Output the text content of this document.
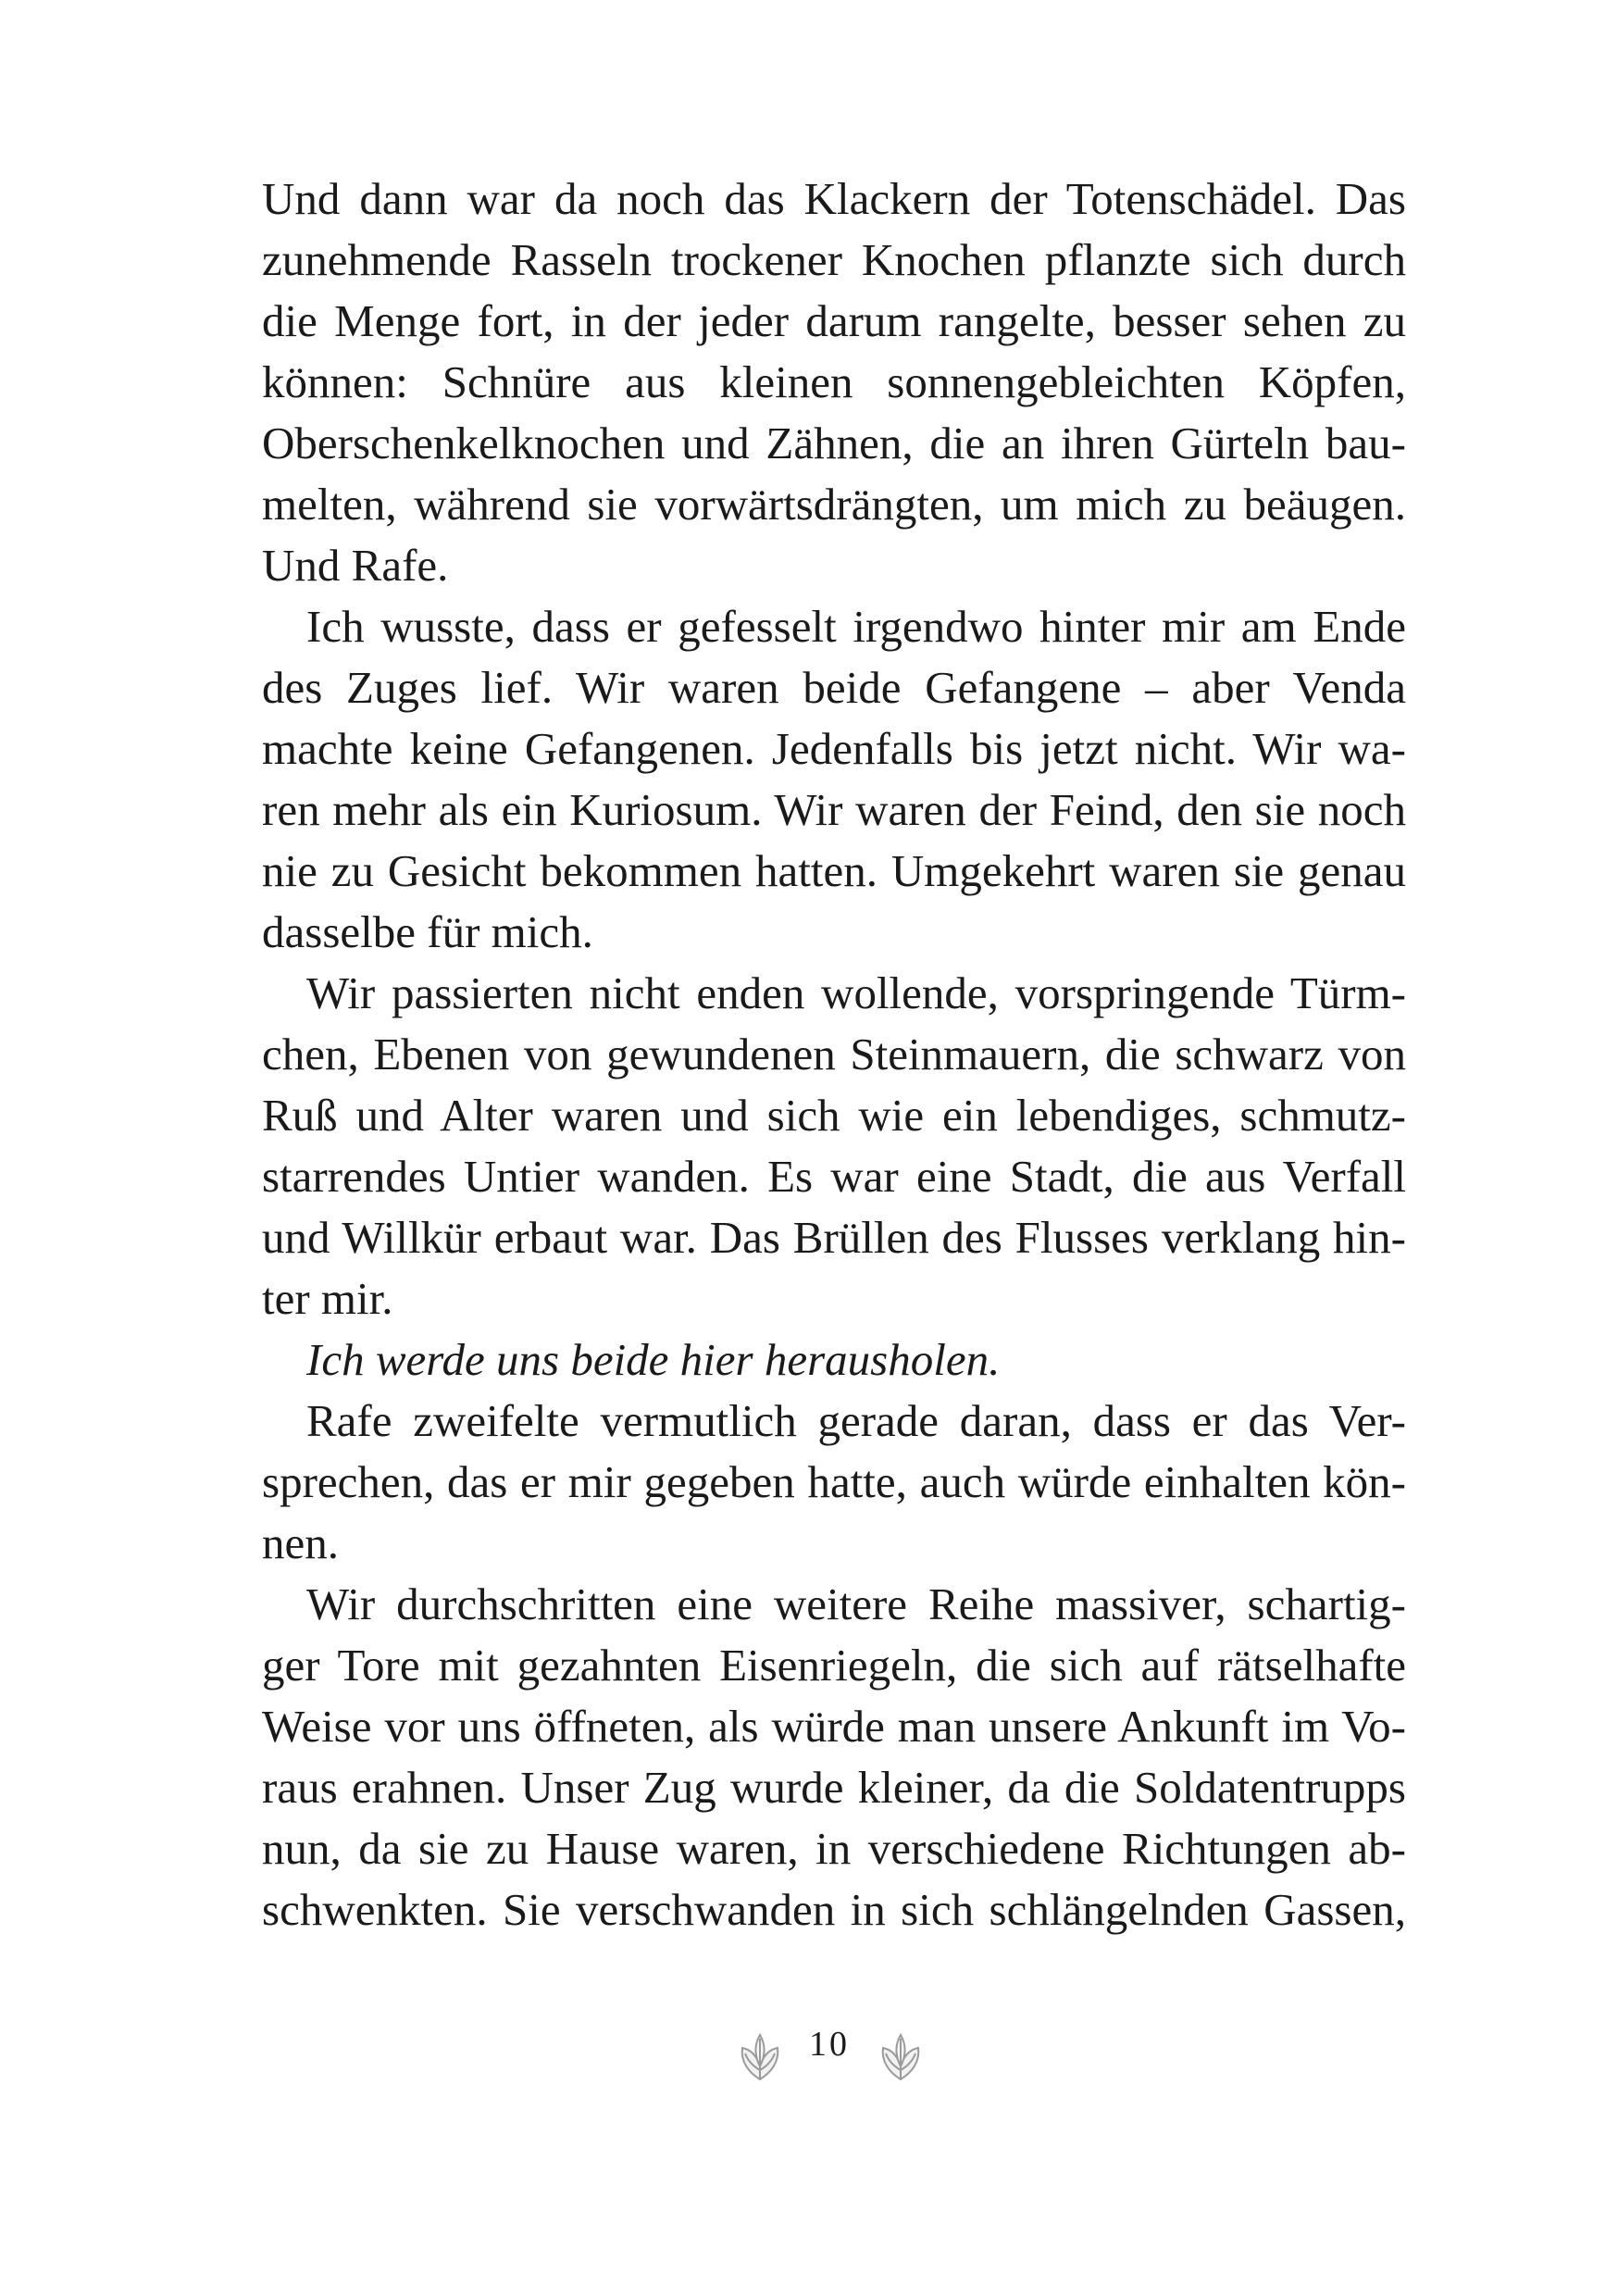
Und dann war da noch das Klackern der Totenschädel. Das
zunehmende Rasseln trockener Knochen pflanzte sich durch
die Menge fort, in der jeder darum rangelte, besser sehen zu
können: Schnüre aus kleinen sonnengebleichten Köpfen,
Oberschenkelknochen und Zähnen, die an ihren Gürteln bau-
melten, während sie vorwärtsdrängten, um mich zu beäugen.
Und Rafe.
Ich wusste, dass er gefesselt irgendwo hinter mir am Ende
des Zuges lief. Wir waren beide Gefangene – aber Venda
machte keine Gefangenen. Jedenfalls bis jetzt nicht. Wir wa-
ren mehr als ein Kuriosum. Wir waren der Feind, den sie noch
nie zu Gesicht bekommen hatten. Umgekehrt waren sie genau
dasselbe für mich.
Wir passierten nicht enden wollende, vorspringende Türm-
chen, Ebenen von gewundenen Steinmauern, die schwarz von
Ruß und Alter waren und sich wie ein lebendiges, schmutz-
starrendes Untier wanden. Es war eine Stadt, die aus Verfall
und Willkür erbaut war. Das Brüllen des Flusses verklang hin-
ter mir.
Ich werde uns beide hier herausholen.
Rafe zweifelte vermutlich gerade daran, dass er das Ver-
sprechen, das er mir gegeben hatte, auch würde einhalten kön-
nen.
Wir durchschritten eine weitere Reihe massiver, schartig-
ger Tore mit gezahnten Eisenriegeln, die sich auf rätselhafte
Weise vor uns öffneten, als würde man unsere Ankunft im Vo-
raus erahnen. Unser Zug wurde kleiner, da die Soldatentrupps
nun, da sie zu Hause waren, in verschiedene Richtungen ab-
schwenkten. Sie verschwanden in sich schlängelnden Gassen,
10
